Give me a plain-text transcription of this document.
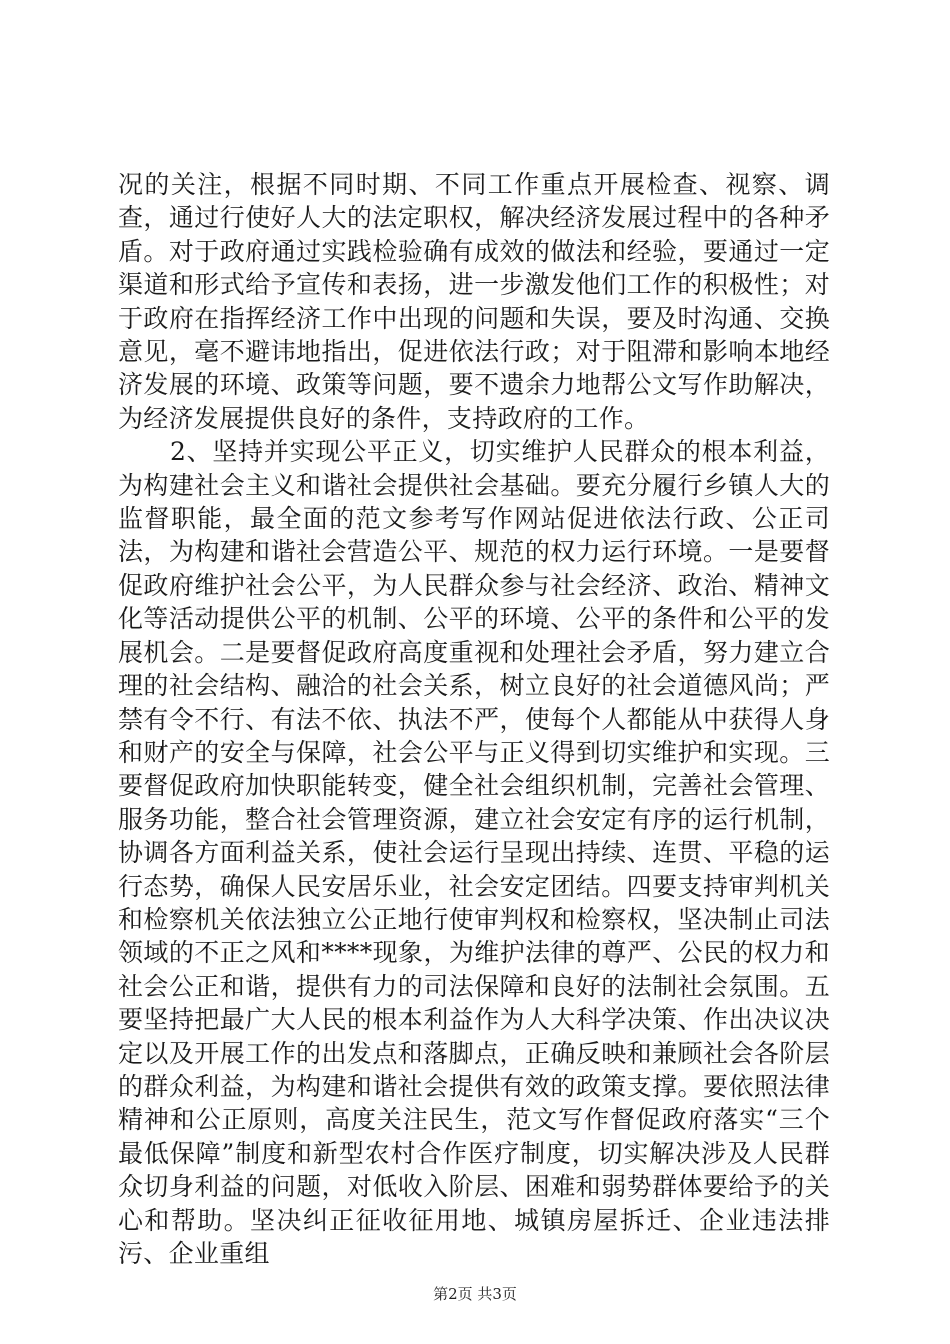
况的关注，根据不同时期、不同工作重点开展检查、视察、调查，通过行使好人大的法定职权，解决经济发展过程中的各种矛盾。对于政府通过实践检验确有成效的做法和经验，要通过一定渠道和形式给予宣传和表扬，进一步激发他们工作的积极性；对于政府在指挥经济工作中出现的问题和失误，要及时沟通、交换意见，毫不避讳地指出，促进依法行政；对于阻滞和影响本地经济发展的环境、政策等问题，要不遗余力地帮公文写作助解决，为经济发展提供良好的条件，支持政府的工作。

2、坚持并实现公平正义，切实维护人民群众的根本利益，为构建社会主义和谐社会提供社会基础。要充分履行乡镇人大的监督职能，最全面的范文参考写作网站促进依法行政、公正司法，为构建和谐社会营造公平、规范的权力运行环境。一是要督促政府维护社会公平，为人民群众参与社会经济、政治、精神文化等活动提供公平的机制、公平的环境、公平的条件和公平的发展机会。二是要督促政府高度重视和处理社会矛盾，努力建立合理的社会结构、融洽的社会关系，树立良好的社会道德风尚；严禁有令不行、有法不依、执法不严，使每个人都能从中获得人身和财产的安全与保障，社会公平与正义得到切实维护和实现。三要督促政府加快职能转变，健全社会组织机制，完善社会管理、服务功能，整合社会管理资源，建立社会安定有序的运行机制，协调各方面利益关系，使社会运行呈现出持续、连贯、平稳的运行态势，确保人民安居乐业，社会安定团结。四要支持审判机关和检察机关依法独立公正地行使审判权和检察权，坚决制止司法领域的不正之风和****现象，为维护法律的尊严、公民的权力和社会公正和谐，提供有力的司法保障和良好的法制社会氛围。五要坚持把最广大人民的根本利益作为人大科学决策、作出决议决定以及开展工作的出发点和落脚点，正确反映和兼顾社会各阶层的群众利益，为构建和谐社会提供有效的政策支撑。要依照法律精神和公正原则，高度关注民生，范文写作督促政府落实“三个最低保障”制度和新型农村合作医疗制度，切实解决涉及人民群众切身利益的问题，对低收入阶层、困难和弱势群体要给予的关心和帮助。坚决纠正征收征用地、城镇房屋拆迁、企业违法排污、企业重组

第2页 共3页
